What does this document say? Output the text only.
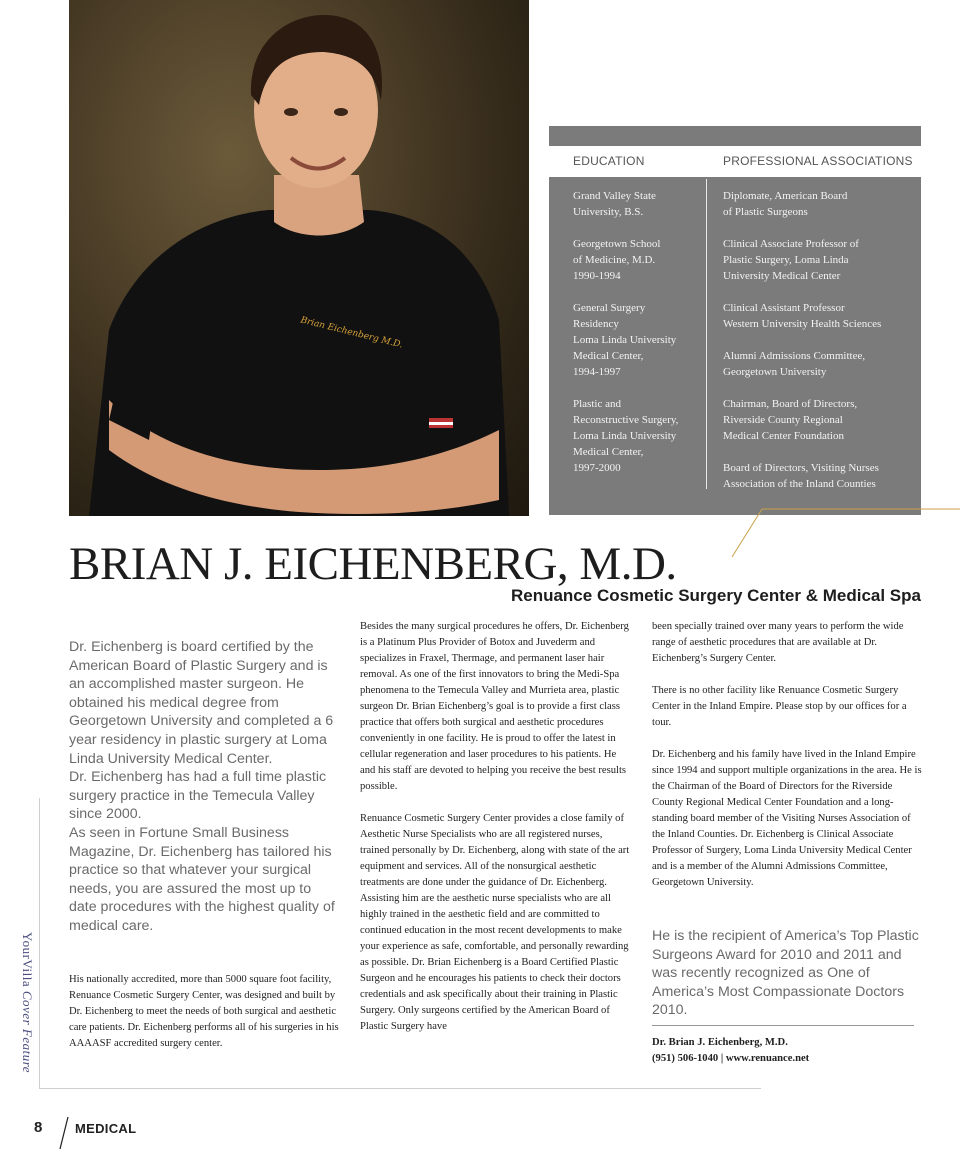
Brian Eichenberg M.D.
EDUCATION	PROFESSIONAL ASSOCIATIONS
Grand Valley State
University, B.S.
Georgetown School
of Medicine, M.D.
1990-1994
General Surgery
Residency
Loma Linda University
Medical Center,
1994-1997
Plastic and
Reconstructive Surgery,
Loma Linda University
Medical Center,
1997-2000
Diplomate, American Board
of Plastic Surgeons
Clinical Associate Professor of
Plastic Surgery, Loma Linda
University Medical Center
Clinical Assistant Professor
Western University Health Sciences
Alumni Admissions Committee,
Georgetown University
Chairman, Board of Directors,
Riverside County Regional
Medical Center Foundation
Board of Directors, Visiting Nurses
Association of the Inland Counties
BRIAN J. EICHENBERG, M.D.
Renuance Cosmetic Surgery Center & Medical Spa

Dr. Eichenberg is board certified by the American Board of Plastic Surgery and is an accomplished master surgeon. He obtained his medical degree from Georgetown University and completed a 6 year residency in plastic surgery at Loma Linda University Medical Center.

Dr. Eichenberg has had a full time plastic surgery practice in the Temecula Valley since 2000.

As seen in Fortune Small Business Magazine, Dr. Eichenberg has tailored his practice so that whatever your surgical needs, you are assured the most up to date procedures with the highest quality of medical care.

His nationally accredited, more than 5000 square foot facility, Renuance Cosmetic Surgery Center, was designed and built by Dr. Eichenberg to meet the needs of both surgical and aesthetic care patients. Dr. Eichenberg performs all of his surgeries in his AAAASF accredited surgery center.

Besides the many surgical procedures he offers, Dr. Eichenberg is a Platinum Plus Provider of Botox and Juvederm and specializes in Fraxel, Thermage, and permanent laser hair removal. As one of the first innovators to bring the Medi-Spa phenomena to the Temecula Valley and Murrieta area, plastic surgeon Dr. Brian Eichenberg’s goal is to provide a first class practice that offers both surgical and aesthetic procedures conveniently in one facility. He is proud to offer the latest in cellular regeneration and laser procedures to his patients. He and his staff are devoted to helping you receive the best results possible.

Renuance Cosmetic Surgery Center provides a close family of Aesthetic Nurse Specialists who are all registered nurses, trained personally by Dr. Eichenberg, along with state of the art equipment and services. All of the nonsurgical aesthetic treatments are done under the guidance of Dr. Eichenberg. Assisting him are the aesthetic nurse specialists who are all highly trained in the aesthetic field and are committed to continued education in the most recent developments to make your experience as safe, comfortable, and personally rewarding as possible. Dr. Brian Eichenberg is a Board Certified Plastic Surgeon and he encourages his patients to check their doctors credentials and ask specifically about their training in Plastic Surgery. Only surgeons certified by the American Board of Plastic Surgery have

been specially trained over many years to perform the wide range of aesthetic procedures that are available at Dr. Eichenberg’s Surgery Center.

There is no other facility like Renuance Cosmetic Surgery Center in the Inland Empire. Please stop by our offices for a tour.

Dr. Eichenberg and his family have lived in the Inland Empire since 1994 and support multiple organizations in the area. He is the Chairman of the Board of Directors for the Riverside County Regional Medical Center Foundation and a long-standing board member of the Visiting Nurses Association of the Inland Counties. Dr. Eichenberg is Clinical Associate Professor of Surgery, Loma Linda University Medical Center and is a member of the Alumni Admissions Committee, Georgetown University.

He is the recipient of America’s Top Plastic Surgeons Award for 2010 and 2011 and was recently recognized as One of America’s Most Compassionate Doctors 2010.
Dr. Brian J. Eichenberg, M.D.
(951) 506-1040 | www.renuance.net
YourVilla Cover Feature
8	MEDICAL
